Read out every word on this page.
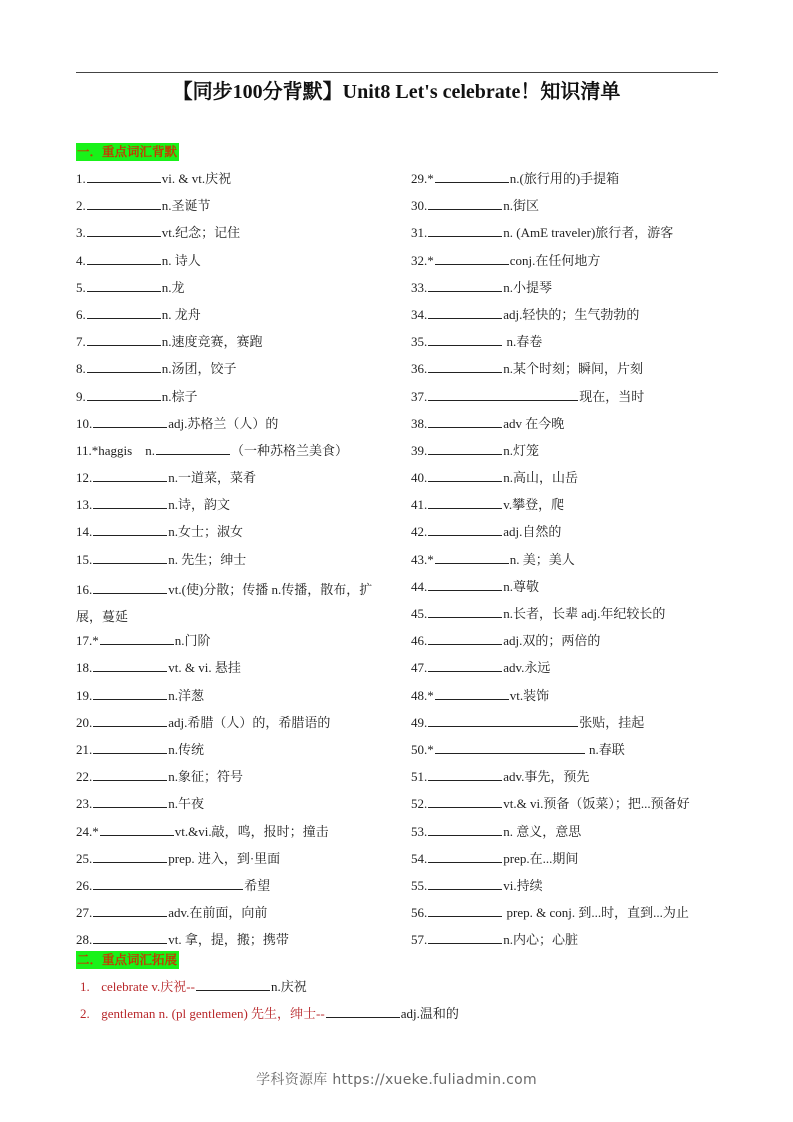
【同步100分背默】Unit8 Let's celebrate！知识清单
一．重点词汇背默
1.	vi. & vt.庆祝
2.	n.圣诞节
3.	vt.纪念；记住
4.	n. 诗人
5.	n.龙
6.	n. 龙舟
7.	n.速度竞赛，赛跑
8.	n.汤团，饺子
9.	n.棕子
10.	adj.苏格兰（人）的
11.*haggis　n.	（一种苏格兰美食）
12.	n.一道菜，菜肴
13.	n.诗，韵文
14.	n.女士；淑女
15.	n. 先生；绅士
16.	vt.(使)分散；传播 n.传播，散布，扩展，蔓延
17.*	n.门阶
18.	vt. & vi. 悬挂
19.	n.洋葱
20.	adj.希腊（人）的，希腊语的
21.	n.传统
22.	n.象征；符号
23.	n.午夜
24.*	vt.&vi.敲，鸣，报时；撞击
25.	prep. 进入，到·里面
26.	希望
27.	adv.在前面，向前
28.	vt. 拿，提，搬；携带
29.*	n.(旅行用的)手提箱
30.	n.街区
31.	n. (AmE traveler)旅行者，游客
32.*	conj.在任何地方
33.	n.小提琴
34.	adj.轻快的；生气勃勃的
35.	n.春卷
36.	n.某个时刻；瞬间，片刻
37.	现在，当时
38.	adv 在今晚
39.	n.灯笼
40.	n.高山，山岳
41.	v.攀登，爬
42.	adj.自然的
43.*	n. 美；美人
44.	n.尊敬
45.	n.长者，长辈 adj.年纪较长的
46.	adj.双的；两倍的
47.	adv.永远
48.*	vt.装饰
49.	张贴，挂起
50.*	n.春联
51.	adv.事先，预先
52.	vt.& vi.预备（饭菜）；把...预备好
53.	n. 意义，意思
54.	prep.在...期间
55.	vi.持续
56.	prep. & conj. 到...时，直到...为止
57.	n.内心；心脏
二．重点词汇拓展
1. celebrate v.庆祝--	n.庆祝
2. gentleman n. (pl gentlemen) 先生，绅士--	adj.温和的
学科资源库 https://xueke.fuliadmin.com
